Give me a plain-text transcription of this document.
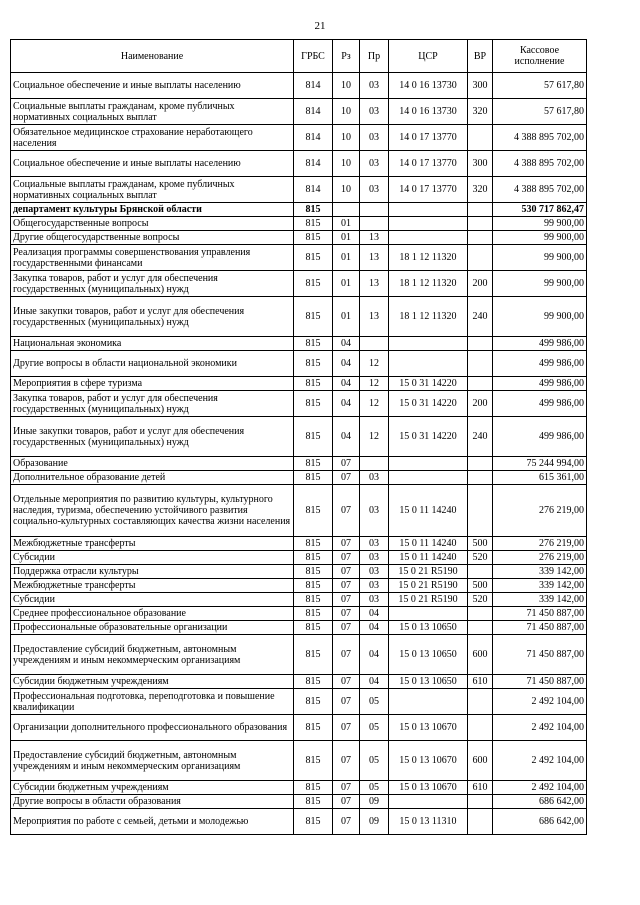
21
Наименование	ГРБС	Рз	Пр	ЦСР	ВР	Кассовое
исполнение
Социальное обеспечение и иные выплаты населению	814	10	03	14 0 16 13730	300	57 617,80
Социальные выплаты гражданам, кроме публичных нормативных социальных выплат	814	10	03	14 0 16 13730	320	57 617,80
Обязательное медицинское страхование неработающего населения	814	10	03	14 0 17 13770		4 388 895 702,00
Социальное обеспечение и иные выплаты населению	814	10	03	14 0 17 13770	300	4 388 895 702,00
Социальные выплаты гражданам, кроме публичных нормативных социальных выплат	814	10	03	14 0 17 13770	320	4 388 895 702,00
департамент культуры Брянской области	815					530 717 862,47
Общегосударственные вопросы	815	01				99 900,00
Другие общегосударственные вопросы	815	01	13			99 900,00
Реализация программы совершенствования управления государственными финансами	815	01	13	18 1 12 11320		99 900,00
Закупка товаров, работ и услуг для обеспечения государственных (муниципальных) нужд	815	01	13	18 1 12 11320	200	99 900,00
Иные закупки товаров, работ и услуг для обеспечения государственных (муниципальных) нужд	815	01	13	18 1 12 11320	240	99 900,00
Национальная экономика	815	04				499 986,00
Другие вопросы в области национальной экономики	815	04	12			499 986,00
Мероприятия в сфере туризма	815	04	12	15 0 31 14220		499 986,00
Закупка товаров, работ и услуг для обеспечения государственных (муниципальных) нужд	815	04	12	15 0 31 14220	200	499 986,00
Иные закупки товаров, работ и услуг для обеспечения государственных (муниципальных) нужд	815	04	12	15 0 31 14220	240	499 986,00
Образование	815	07				75 244 994,00
Дополнительное образование детей	815	07	03			615 361,00
Отдельные мероприятия по развитию культуры, культурного наследия, туризма, обеспечению устойчивого развития социально-культурных составляющих качества жизни населения	815	07	03	15 0 11 14240		276 219,00
Межбюджетные трансферты	815	07	03	15 0 11 14240	500	276 219,00
Субсидии	815	07	03	15 0 11 14240	520	276 219,00
Поддержка отрасли культуры	815	07	03	15 0 21 R5190		339 142,00
Межбюджетные трансферты	815	07	03	15 0 21 R5190	500	339 142,00
Субсидии	815	07	03	15 0 21 R5190	520	339 142,00
Среднее профессиональное образование	815	07	04			71 450 887,00
Профессиональные образовательные организации	815	07	04	15 0 13 10650		71 450 887,00
Предоставление субсидий бюджетным, автономным учреждениям и иным некоммерческим организациям	815	07	04	15 0 13 10650	600	71 450 887,00
Субсидии бюджетным учреждениям	815	07	04	15 0 13 10650	610	71 450 887,00
Профессиональная подготовка, переподготовка и повышение квалификации	815	07	05			2 492 104,00
Организации дополнительного профессионального образования	815	07	05	15 0 13 10670		2 492 104,00
Предоставление субсидий бюджетным, автономным учреждениям и иным некоммерческим организациям	815	07	05	15 0 13 10670	600	2 492 104,00
Субсидии бюджетным учреждениям	815	07	05	15 0 13 10670	610	2 492 104,00
Другие вопросы в области образования	815	07	09			686 642,00
Мероприятия по работе с семьей, детьми и молодежью	815	07	09	15 0 13 11310		686 642,00
